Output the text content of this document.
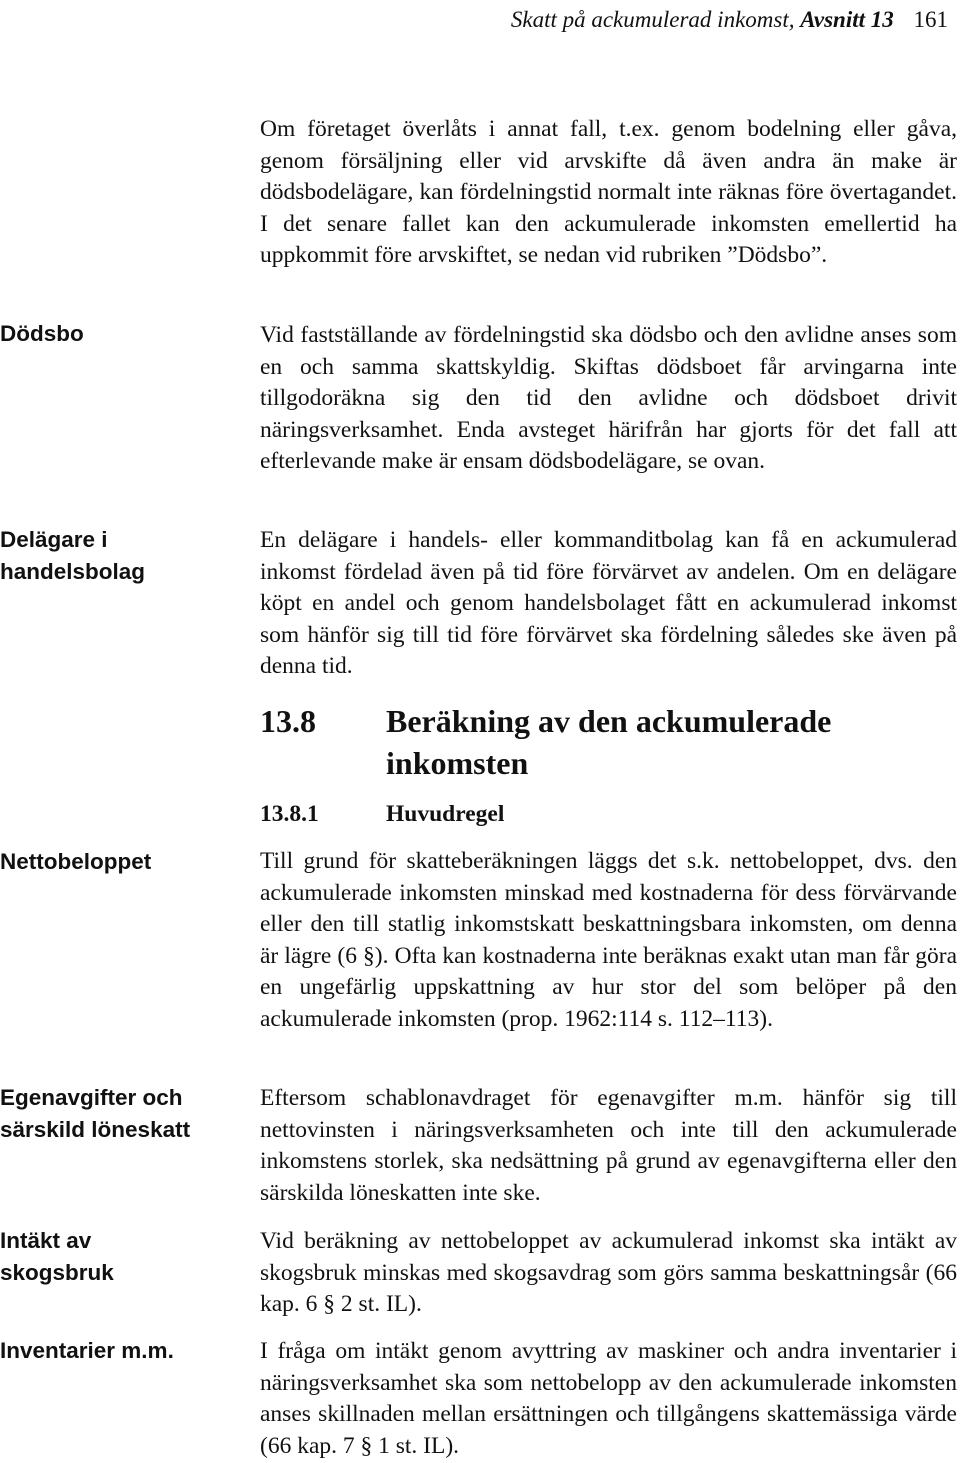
Skatt på ackumulerad inkomst, Avsnitt 13 161
Dödsbo
Delägare i handelsbolag
Nettobeloppet
Egenavgifter och särskild löneskatt
Intäkt av skogsbruk
Inventarier m.m.

Om företaget överlåts i annat fall, t.ex. genom bodelning eller gåva, genom försäljning eller vid arvskifte då även andra än make är dödsbodelägare, kan fördelningstid normalt inte räknas före övertagandet. I det senare fallet kan den ackumulerade inkomsten emellertid ha uppkommit före arvskiftet, se nedan vid rubriken ”Dödsbo”.

Vid fastställande av fördelningstid ska dödsbo och den avlidne anses som en och samma skattskyldig. Skiftas dödsboet får arvingarna inte tillgodoräkna sig den tid den avlidne och dödsboet drivit näringsverksamhet. Enda avsteget härifrån har gjorts för det fall att efterlevande make är ensam dödsbodelägare, se ovan.

En delägare i handels- eller kommanditbolag kan få en ackumulerad inkomst fördelad även på tid före förvärvet av andelen. Om en delägare köpt en andel och genom handelsbolaget fått en ackumulerad inkomst som hänför sig till tid före förvärvet ska fördelning således ske även på denna tid.

13.8 Beräkning av den ackumulerade inkomsten
13.8.1	Huvudregel

Till grund för skatteberäkningen läggs det s.k. nettobeloppet, dvs. den ackumulerade inkomsten minskad med kostnaderna för dess förvärvande eller den till statlig inkomstskatt beskattningsbara inkomsten, om denna är lägre (6 §). Ofta kan kostnaderna inte beräknas exakt utan man får göra en ungefärlig uppskattning av hur stor del som belöper på den ackumulerade inkomsten (prop. 1962:114 s. 112–113).

Eftersom schablonavdraget för egenavgifter m.m. hänför sig till nettovinsten i näringsverksamheten och inte till den ackumulerade inkomstens storlek, ska nedsättning på grund av egenavgifterna eller den särskilda löneskatten inte ske.

Vid beräkning av nettobeloppet av ackumulerad inkomst ska intäkt av skogsbruk minskas med skogsavdrag som görs samma beskattningsår (66 kap. 6 § 2 st. IL).

I fråga om intäkt genom avyttring av maskiner och andra inventarier i näringsverksamhet ska som nettobelopp av den ackumulerade inkomsten anses skillnaden mellan ersättningen och tillgångens skattemässiga värde (66 kap. 7 § 1 st. IL).
